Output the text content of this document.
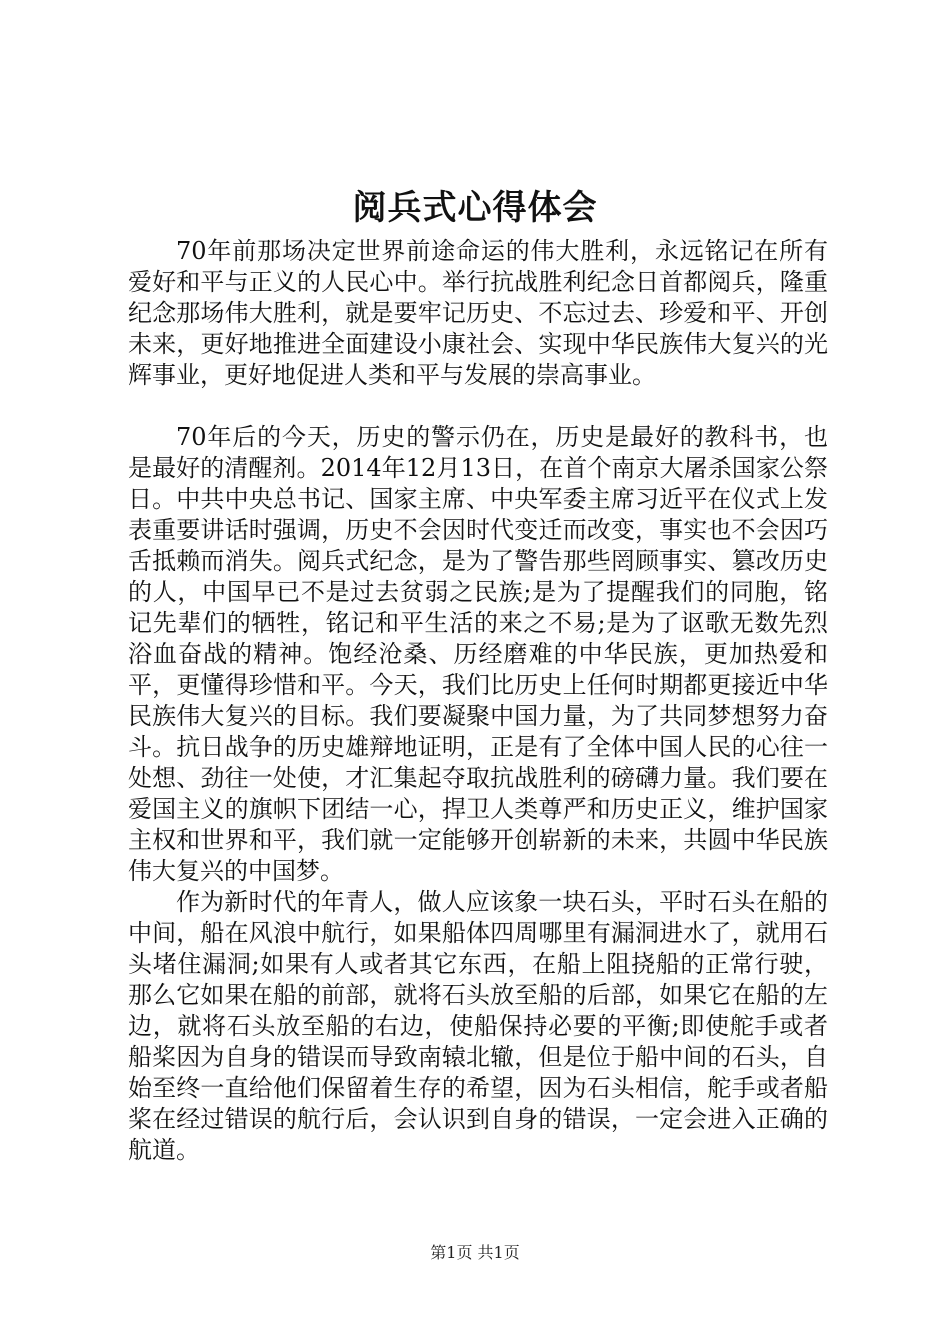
阅兵式心得体会

70年前那场决定世界前途命运的伟大胜利，永远铭记在所有爱好和平与正义的人民心中。举行抗战胜利纪念日首都阅兵，隆重纪念那场伟大胜利，就是要牢记历史、不忘过去、珍爱和平、开创未来，更好地推进全面建设小康社会、实现中华民族伟大复兴的光辉事业，更好地促进人类和平与发展的崇高事业。

70年后的今天，历史的警示仍在，历史是最好的教科书，也是最好的清醒剂。2014年12月13日，在首个南京大屠杀国家公祭日。中共中央总书记、国家主席、中央军委主席习近平在仪式上发表重要讲话时强调，历史不会因时代变迁而改变，事实也不会因巧舌抵赖而消失。阅兵式纪念，是为了警告那些罔顾事实、篡改历史的人，中国早已不是过去贫弱之民族;是为了提醒我们的同胞，铭记先辈们的牺牲，铭记和平生活的来之不易;是为了讴歌无数先烈浴血奋战的精神。饱经沧桑、历经磨难的中华民族，更加热爱和平，更懂得珍惜和平。今天，我们比历史上任何时期都更接近中华民族伟大复兴的目标。我们要凝聚中国力量，为了共同梦想努力奋斗。抗日战争的历史雄辩地证明，正是有了全体中国人民的心往一处想、劲往一处使，才汇集起夺取抗战胜利的磅礴力量。我们要在爱国主义的旗帜下团结一心，捍卫人类尊严和历史正义，维护国家主权和世界和平，我们就一定能够开创崭新的未来，共圆中华民族伟大复兴的中国梦。

作为新时代的年青人，做人应该象一块石头，平时石头在船的中间，船在风浪中航行，如果船体四周哪里有漏洞进水了，就用石头堵住漏洞;如果有人或者其它东西，在船上阻挠船的正常行驶，那么它如果在船的前部，就将石头放至船的后部，如果它在船的左边，就将石头放至船的右边，使船保持必要的平衡;即使舵手或者船桨因为自身的错误而导致南辕北辙，但是位于船中间的石头，自始至终一直给他们保留着生存的希望，因为石头相信，舵手或者船桨在经过错误的航行后，会认识到自身的错误，一定会进入正确的航道。

第1页 共1页
